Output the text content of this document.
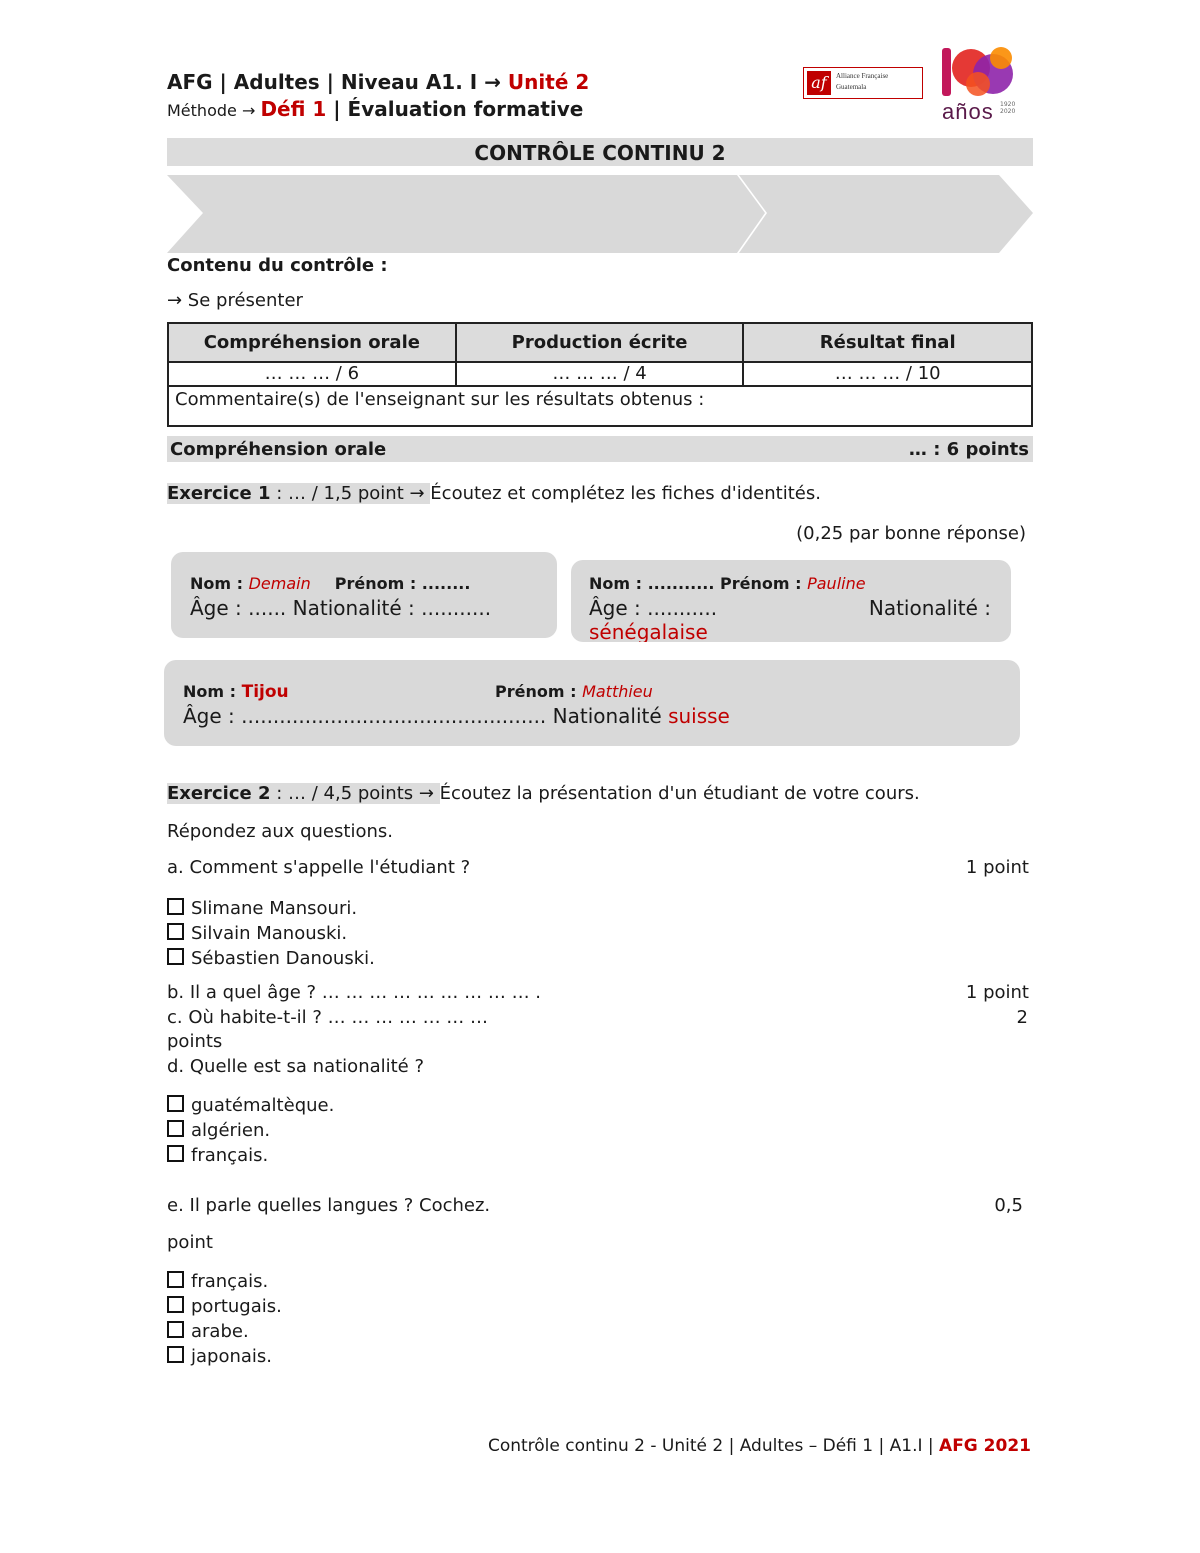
AFG | Adultes | Niveau A1. I → Unité 2
Méthode → Défi 1 | Évaluation formative
af	Alliance Française
Guatemala
años 1920
2020
CONTRÔLE CONTINU 2
Contenu du contrôle :
→ Se présenter
Compréhension orale	Production écrite	Résultat final
… … … / 6	… … … / 4	… … … / 10
Commentaire(s) de l'enseignant sur les résultats obtenus :		
Compréhension orale	… : 6 points
Exercice 1 : … / 1,5 point → Écoutez et complétez les fiches d'identités.
(0,25 par bonne réponse)
Nom : Demain Prénom : ........
Âge : ...... Nationalité : ...........
Nom : ........... Prénom : Pauline
Âge : ...........	Nationalité :
sénégalaise
Nom : Tijou	Prénom : Matthieu
Âge : ................................................ Nationalité suisse
Exercice 2 : … / 4,5 points → Écoutez la présentation d'un étudiant de votre cours.
Répondez aux questions.
a. Comment s'appelle l'étudiant ?	1 point
Slimane Mansouri.
Silvain Manouski.
Sébastien Danouski.
b. Il a quel âge ? … … … … … … … … … .	1 point
c. Où habite-t-il ? … … … … … … …	2
points
d. Quelle est sa nationalité ?
guatémaltèque.
algérien.
français.
e. Il parle quelles langues ? Cochez.	0,5
point
français.
portugais.
arabe.
japonais.
Contrôle continu 2 - Unité 2 | Adultes – Défi 1 | A1.I | AFG 2021
